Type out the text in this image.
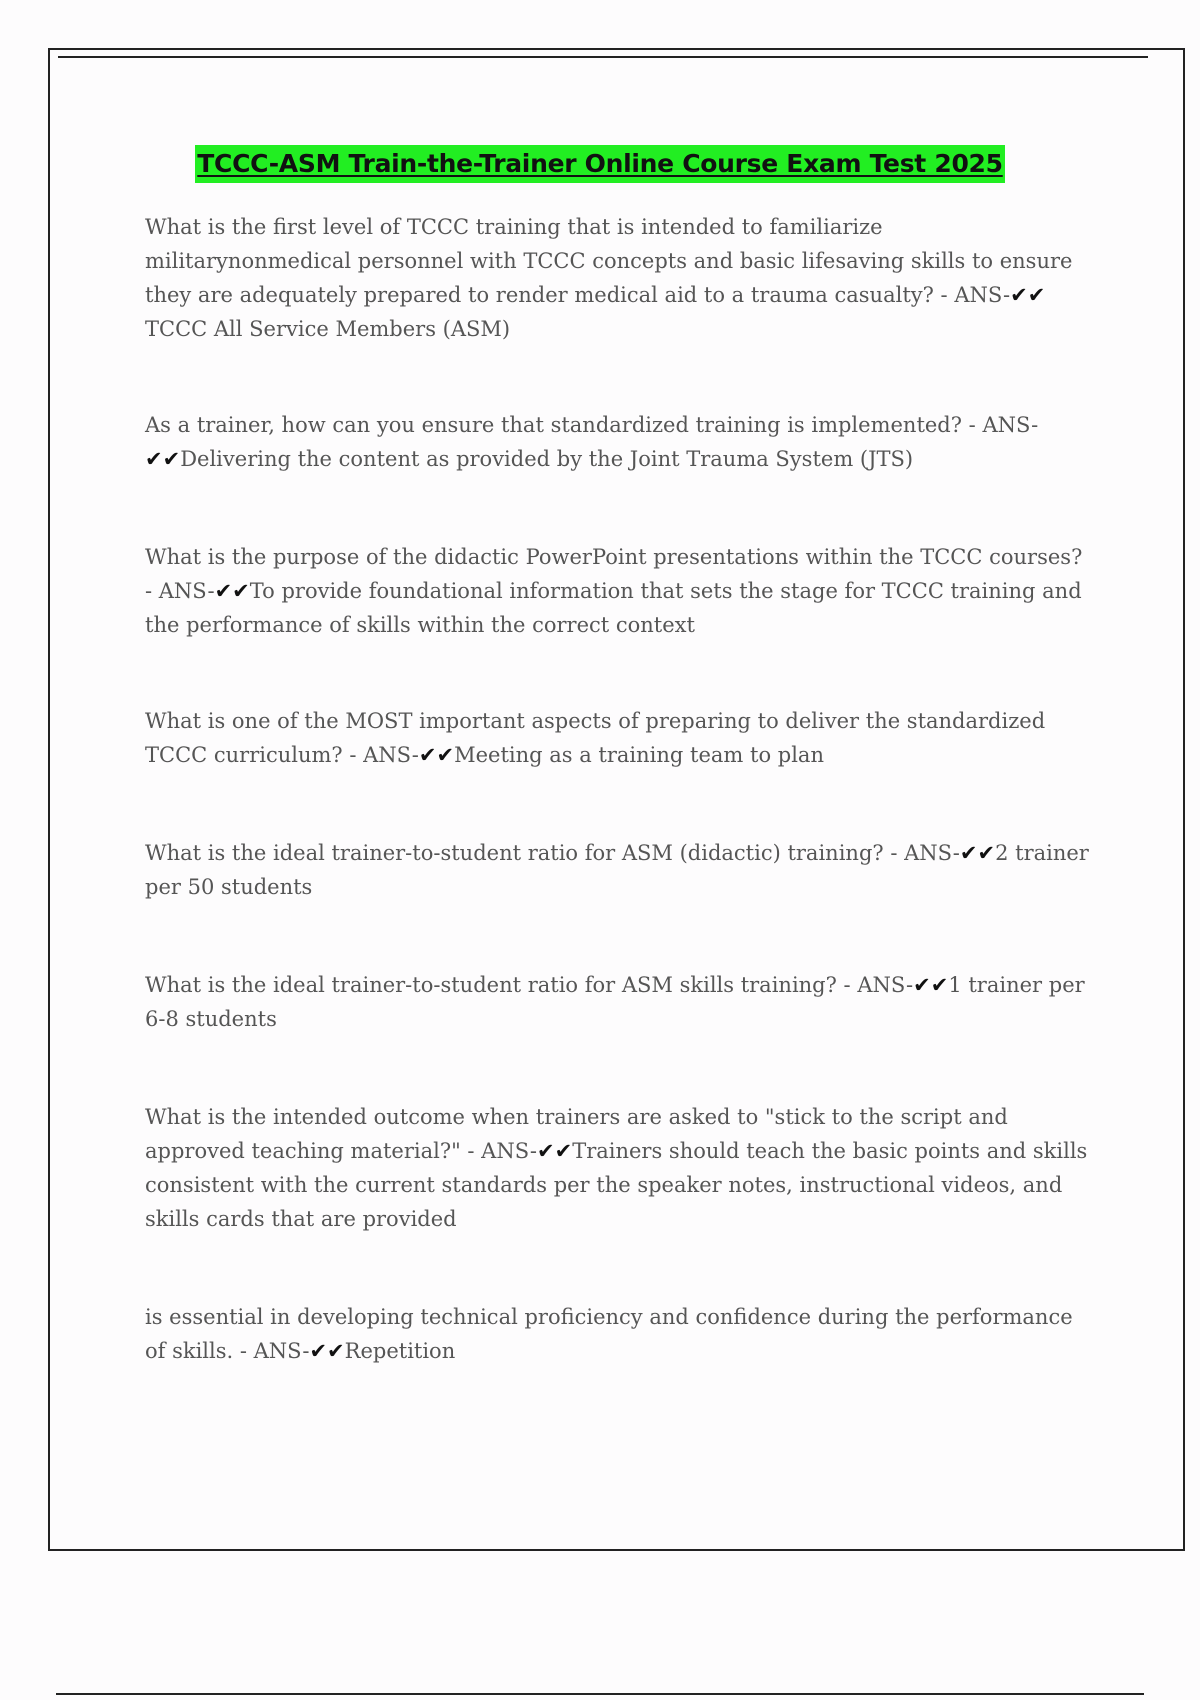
TCCC-ASM Train-the-Trainer Online Course Exam Test 2025

What is the first level of TCCC training that is intended to familiarize militarynonmedical personnel with TCCC concepts and basic lifesaving skills to ensure they are adequately prepared to render medical aid to a trauma casualty? - ANS-✔✔ TCCC All Service Members (ASM)

As a trainer, how can you ensure that standardized training is implemented? - ANS-✔✔Delivering the content as provided by the Joint Trauma System (JTS)

What is the purpose of the didactic PowerPoint presentations within the TCCC courses? - ANS-✔✔To provide foundational information that sets the stage for TCCC training and the performance of skills within the correct context

What is one of the MOST important aspects of preparing to deliver the standardized TCCC curriculum? - ANS-✔✔Meeting as a training team to plan

What is the ideal trainer-to-student ratio for ASM (didactic) training? - ANS-✔✔2 trainer per 50 students

What is the ideal trainer-to-student ratio for ASM skills training? - ANS-✔✔1 trainer per 6-8 students

What is the intended outcome when trainers are asked to "stick to the script and approved teaching material?" - ANS-✔✔Trainers should teach the basic points and skills consistent with the current standards per the speaker notes, instructional videos, and skills cards that are provided

is essential in developing technical proficiency and confidence during the performance of skills. - ANS-✔✔Repetition
